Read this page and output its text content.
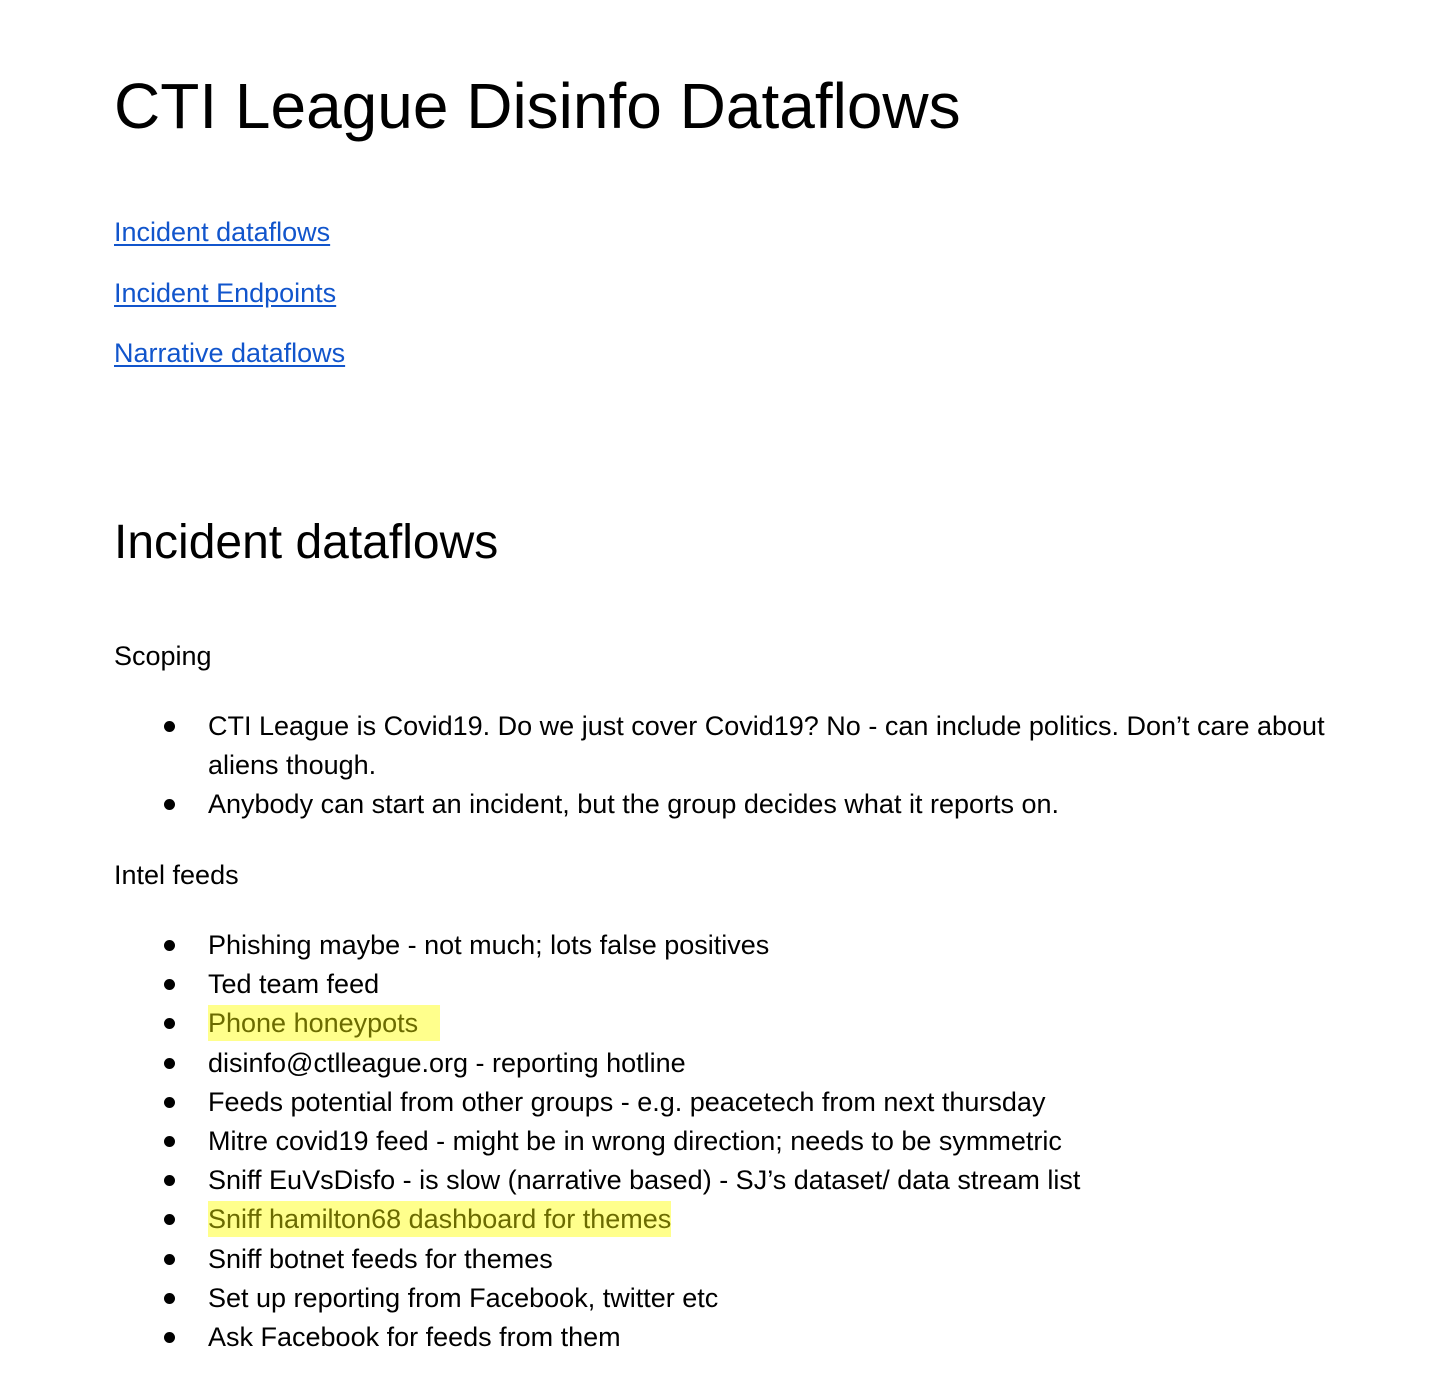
CTI League Disinfo Dataflows
Incident dataflows
Incident Endpoints
Narrative dataflows
Incident dataflows

Scoping

CTI League is Covid19. Do we just cover Covid19? No - can include politics. Don’t care about aliens though.
Anybody can start an incident, but the group decides what it reports on.

Intel feeds

Phishing maybe - not much; lots false positives
Ted team feed
Phone honeypots
disinfo@ctlleague.org - reporting hotline
Feeds potential from other groups - e.g. peacetech from next thursday
Mitre covid19 feed - might be in wrong direction; needs to be symmetric
Sniff EuVsDisfo - is slow (narrative based) - SJ’s dataset/ data stream list
Sniff hamilton68 dashboard for themes
Sniff botnet feeds for themes
Set up reporting from Facebook, twitter etc
Ask Facebook for feeds from them
